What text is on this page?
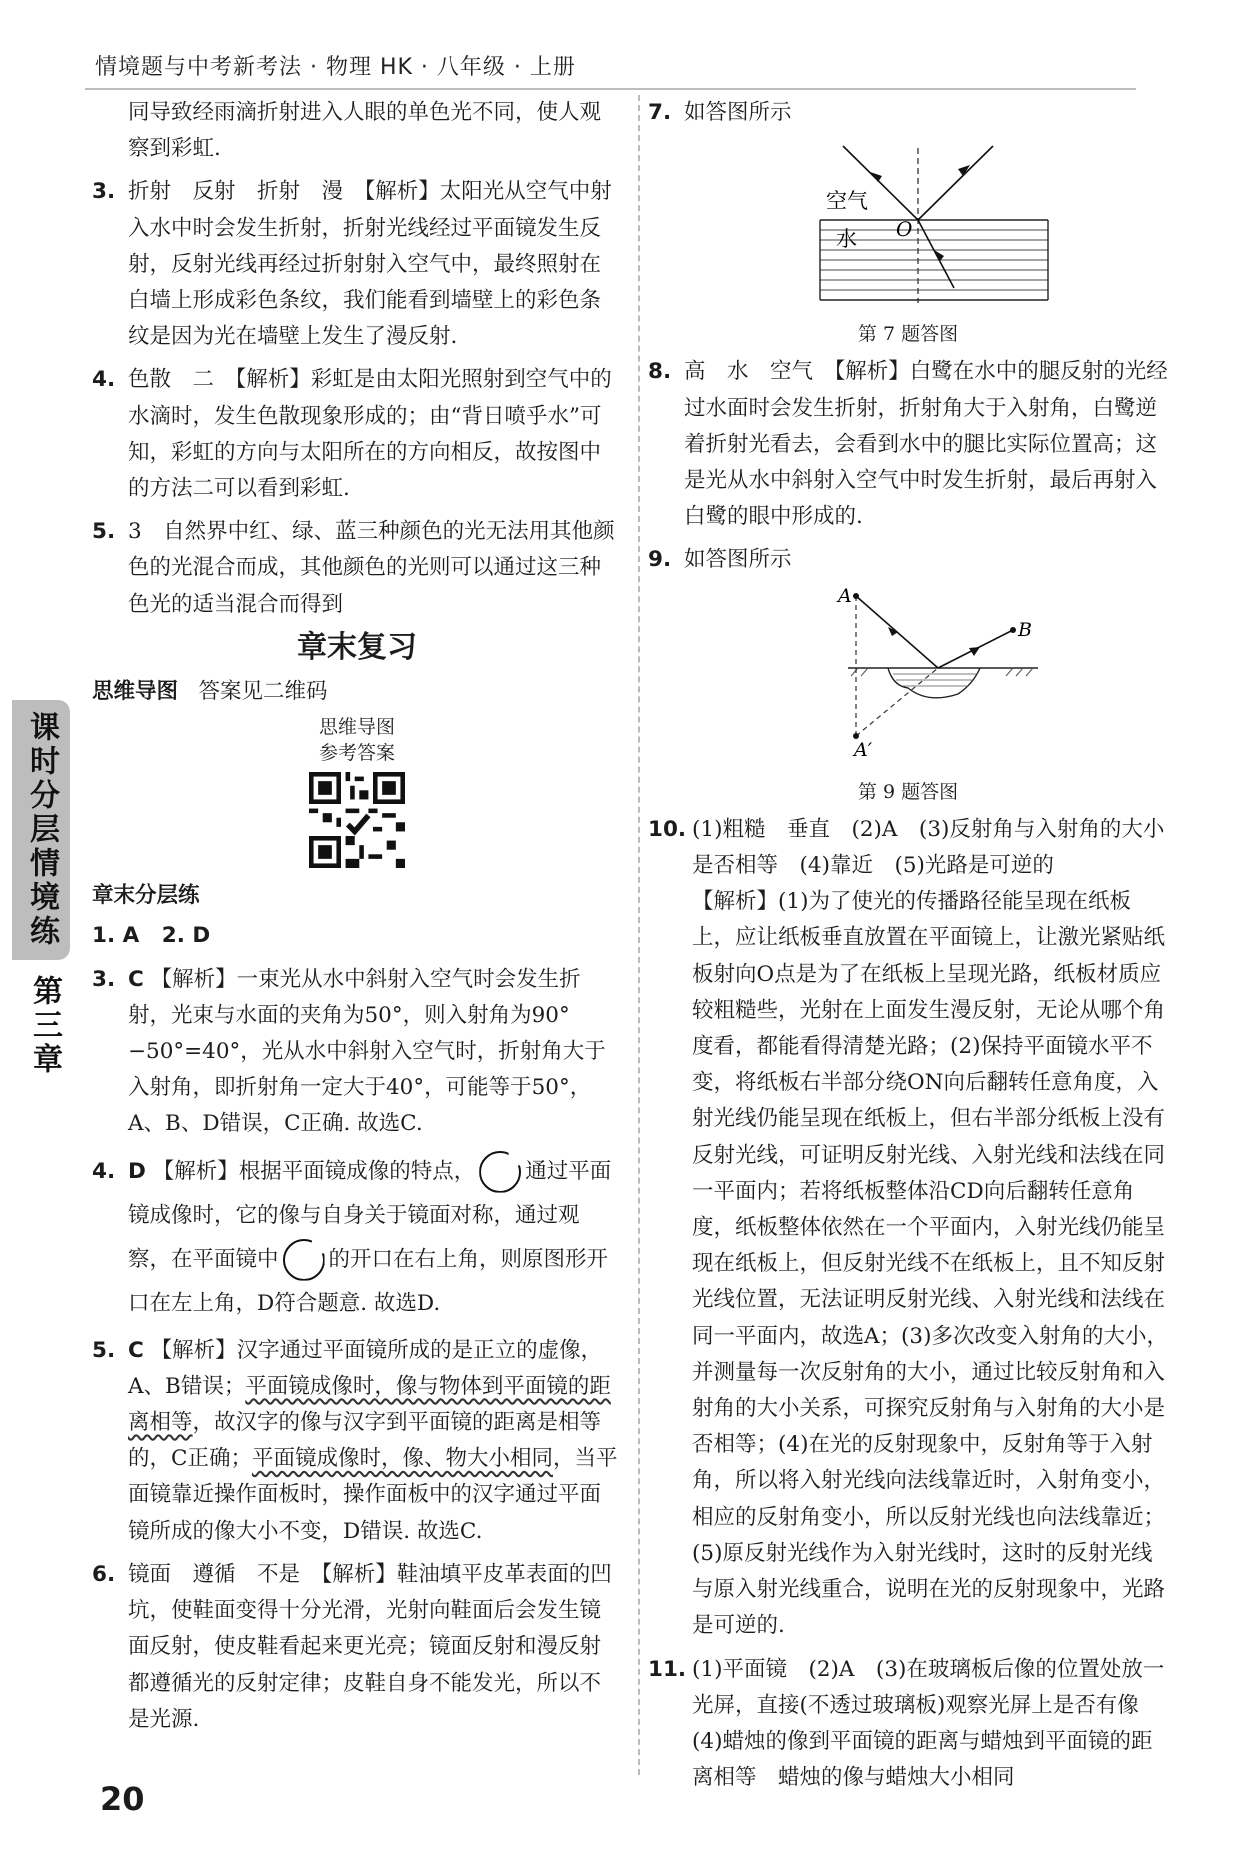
情境题与中考新考法 · 物理 HK · 八年级 · 上册
课时分层情境练
第三章
同导致经雨滴折射进入人眼的单色光不同，使人观察到彩虹.
3. 折射　反射　折射　漫　【解析】太阳光从空气中射入水中时会发生折射，折射光线经过平面镜发生反射，反射光线再经过折射射入空气中，最终照射在白墙上形成彩色条纹，我们能看到墙壁上的彩色条纹是因为光在墙壁上发生了漫反射.
4. 色散　二　【解析】彩虹是由太阳光照射到空气中的水滴时，发生色散现象形成的；由“背日喷乎水”可知，彩虹的方向与太阳所在的方向相反，故按图中的方法二可以看到彩虹.
5. 3　自然界中红、绿、蓝三种颜色的光无法用其他颜色的光混合而成，其他颜色的光则可以通过这三种色光的适当混合而得到
章末复习
思维导图 答案见二维码
思维导图
参考答案
章末分层练
1. A 2. D
3. C 【解析】一束光从水中斜射入空气时会发生折射，光束与水面的夹角为50°，则入射角为90°−50°=40°，光从水中斜射入空气时，折射角大于入射角，即折射角一定大于40°，可能等于50°，A、B、D错误，C正确. 故选C.
4. D 【解析】根据平面镜成像的特点， 通过平面镜成像时，它的像与自身关于镜面对称，通过观察，在平面镜中 的开口在右上角，则原图形开口在左上角，D符合题意. 故选D.
5. C 【解析】汉字通过平面镜所成的是正立的虚像，A、B错误；平面镜成像时，像与物体到平面镜的距离相等，故汉字的像与汉字到平面镜的距离是相等的，C正确；平面镜成像时，像、物大小相同，当平面镜靠近操作面板时，操作面板中的汉字通过平面镜所成的像大小不变，D错误. 故选C.
6. 镜面　遵循　不是　【解析】鞋油填平皮革表面的凹坑，使鞋面变得十分光滑，光射向鞋面后会发生镜面反射，使皮鞋看起来更光亮；镜面反射和漫反射都遵循光的反射定律；皮鞋自身不能发光，所以不是光源.
7. 如答图所示
空气
水 O
第 7 题答图
8. 高　水　空气　【解析】白鹭在水中的腿反射的光经过水面时会发生折射，折射角大于入射角，白鹭逆着折射光看去，会看到水中的腿比实际位置高；这是光从水中斜射入空气中时发生折射，最后再射入白鹭的眼中形成的.
9. 如答图所示
A
B
A′
第 9 题答图
10. (1)粗糙　垂直　(2)A　(3)反射角与入射角的大小是否相等　(4)靠近　(5)光路是可逆的
【解析】(1)为了使光的传播路径能呈现在纸板上，应让纸板垂直放置在平面镜上，让激光紧贴纸板射向O点是为了在纸板上呈现光路，纸板材质应较粗糙些，光射在上面发生漫反射，无论从哪个角度看，都能看得清楚光路；(2)保持平面镜水平不变，将纸板右半部分绕ON向后翻转任意角度，入射光线仍能呈现在纸板上，但右半部分纸板上没有反射光线，可证明反射光线、入射光线和法线在同一平面内；若将纸板整体沿CD向后翻转任意角度，纸板整体依然在一个平面内，入射光线仍能呈现在纸板上，但反射光线不在纸板上，且不知反射光线位置，无法证明反射光线、入射光线和法线在同一平面内，故选A；(3)多次改变入射角的大小，并测量每一次反射角的大小，通过比较反射角和入射角的大小关系，可探究反射角与入射角的大小是否相等；(4)在光的反射现象中，反射角等于入射角，所以将入射光线向法线靠近时，入射角变小，相应的反射角变小，所以反射光线也向法线靠近；(5)原反射光线作为入射光线时，这时的反射光线与原入射光线重合，说明在光的反射现象中，光路是可逆的.
11. (1)平面镜　(2)A　(3)在玻璃板后像的位置处放一光屏，直接(不透过玻璃板)观察光屏上是否有像　(4)蜡烛的像到平面镜的距离与蜡烛到平面镜的距离相等　蜡烛的像与蜡烛大小相同
20
